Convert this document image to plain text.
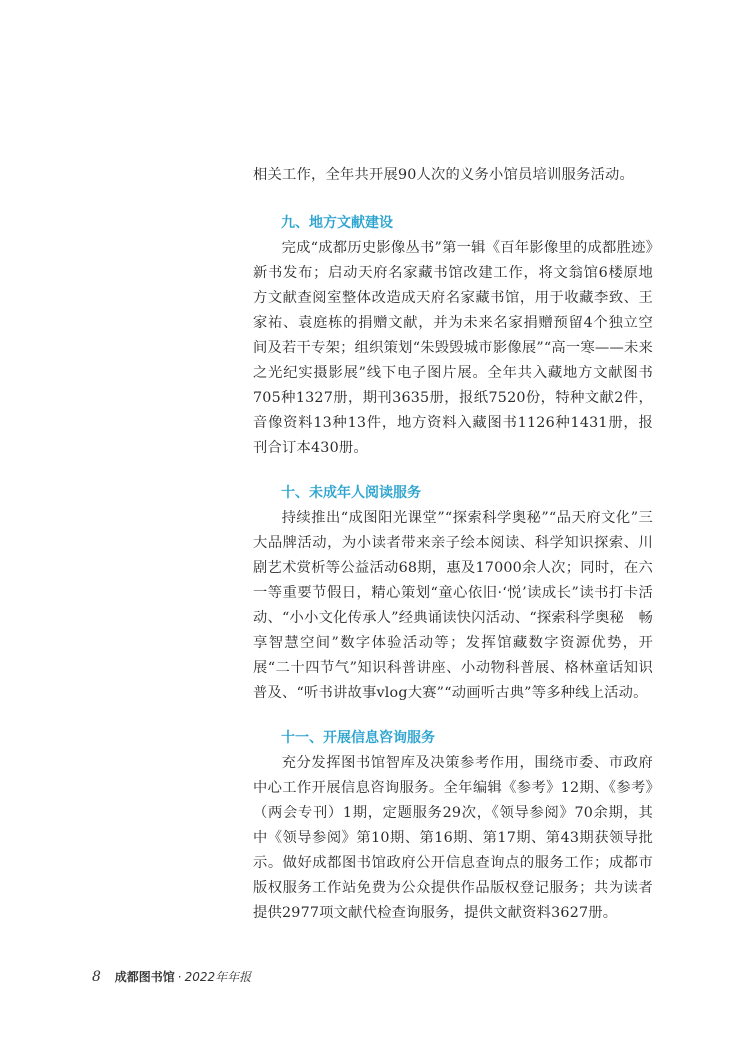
相关工作，全年共开展90人次的义务小馆员培训服务活动。

九、地方文献建设

完成“成都历史影像丛书”第一辑《百年影像里的成都胜迹》新书发布；启动天府名家藏书馆改建工作，将文翁馆6楼原地方文献查阅室整体改造成天府名家藏书馆，用于收藏李致、王家祐、袁庭栋的捐赠文献，并为未来名家捐赠预留4个独立空间及若干专架；组织策划“朱毁毁城市影像展”“高一寒——未来之光纪实摄影展”线下电子图片展。全年共入藏地方文献图书705种1327册，期刊3635册，报纸7520份，特种文献2件，音像资料13种13件，地方资料入藏图书1126种1431册，报刊合订本430册。

十、未成年人阅读服务

持续推出“成图阳光课堂”“探索科学奥秘”“品天府文化”三大品牌活动，为小读者带来亲子绘本阅读、科学知识探索、川剧艺术赏析等公益活动68期，惠及17000余人次；同时，在六一等重要节假日，精心策划“童心依旧·‘悦’读成长”读书打卡活动、“小小文化传承人”经典诵读快闪活动、“探索科学奥秘　畅享智慧空间”数字体验活动等；发挥馆藏数字资源优势，开展“二十四节气”知识科普讲座、小动物科普展、格林童话知识普及、“听书讲故事vlog大赛”“动画听古典”等多种线上活动。

十一、开展信息咨询服务

充分发挥图书馆智库及决策参考作用，围绕市委、市政府中心工作开展信息咨询服务。全年编辑《参考》12期、《参考》（两会专刊）1期，定题服务29次，《领导参阅》70余期，其中《领导参阅》第10期、第16期、第17期、第43期获领导批示。做好成都图书馆政府公开信息查询点的服务工作；成都市版权服务工作站免费为公众提供作品版权登记服务；共为读者提供2977项文献代检查询服务，提供文献资料3627册。

8 成都图书馆 · 2022年年报
